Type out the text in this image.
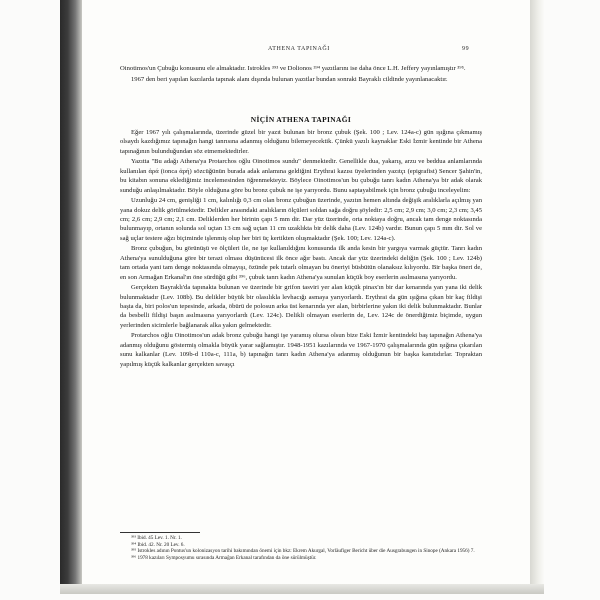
ATHENA TAPINAĞI	99

Oinotimos'un Çubuğu konusunu ele almaktadır. Istrokles ³⁹³ ve Dolionos ³⁹⁴ yazıtlarını ise daha önce L.H. Jeffery yayınlamıştır ³⁹⁵.

1967 den beri yapılan kazılarda tapınak alanı dışında bulunan yazıtlar bundan sonraki Bayraklı cildinde yayınlanacaktır.

NİÇİN ATHENA TAPINAĞI

Eğer 1967 yılı çalışmalarında, üzerinde güzel bir yazıt bulunan bir bronz çubuk (Şek. 100 ; Lev. 124a-c) gün ışığına çıkmamış olsaydı kazdığımız tapınağın hangi tanrısına adanmış olduğunu bilemeyecektik. Çünkü yazılı kaynaklar Eski İzmir kentinde bir Athena tapınağının bulunduğundan söz etmemektedirler.

Yazıtta "Bu adağı Athena'ya Protarchos oğlu Oinotimos sundu" denmektedir. Genellikle dua, yakarış, arzu ve beddua anlamlarında kullanılan ἀρά (ionca ἀρή) sözcüğünün burada adak anlamına geldiğini Erythrai kazısı üyelerinden yazıtçı (epigrafist) Sencer Şahin'in, bu kitabın sonuna eklediğimiz incelemesinden öğrenmekteyiz. Böylece Oinotimos'un bu çubuğu tanrı kadın Athena'ya bir adak olarak sunduğu anlaşılmaktadır. Böyle olduğuna göre bu bronz çubuk ne işe yarıyordu. Bunu saptayabilmek için bronz çubuğu inceleyelim:

Uzunluğu 24 cm, genişliği 1 cm, kalınlığı 0,3 cm olan bronz çubuğun üzerinde, yazıtın hemen altında değişik aralıklarla açılmış yan yana dokuz delik görülmektedir. Delikler arasındaki aralıkların ölçüleri soldan sağa doğru şöyledir: 2,5 cm; 2,9 cm; 3,0 cm; 2,3 cm; 3,45 cm; 2,6 cm; 2,9 cm; 2,1 cm. Deliklerden her birinin çapı 5 mm dir. Dar yüz üzerinde, orta noktaya doğru, ancak tam denge noktasında bulunmayıp, ortanın solunda sol uçtan 13 cm sağ uçtan 11 cm uzaklıkta bir delik daha (Lev. 124b) vardır. Bunun çapı 5 mm dir. Sol ve sağ uçlar testere ağzı biçiminde işlenmiş olup her biri üç kertikten oluşmaktadır (Şek. 100; Lev. 124a-c).

Bronz çubuğun, bu görünüşü ve ölçüleri ile, ne işe kullanıldığını konusunda ilk anda kesin bir yargıya varmak güçtür. Tanrı kadın Athena'ya sunulduğuna göre bir terazi olması düşünücesi ilk önce ağır bastı. Ancak dar yüz üzerindeki deliğin (Şek. 100 ; Lev. 124b) tam ortada yani tam denge noktasında olmayışı, özünde pek tutarlı olmayan bu öneriyi büsbütün olanaksız kılıyordu. Bir başka öneri de, en son Armağan Erkanal'ın öne sürdüğü gibi ³⁹⁶, çubuk tanrı kadın Athena'ya sunulan küçük boy eserlerin asılmasına yarıyordu.

Gerçekten Bayraklı'da tapınakta bulunan ve üzerinde bir grifon tasviri yer alan küçük pinax'ın bir dar kenarında yan yana iki delik bulunmaktadır (Lev. 108b). Bu delikler büyük bir olasılıkla levhacığı asmaya yarıyorlardı. Erythrai da gün ışığına çıkan bir kaç fildişi başta da, biri polos'un tepesinde, arkada, öbürü de polosun arka üst kenarında yer alan, birbirlerine yakın iki delik bulunmaktadır. Bunlar da besbelli fildişi başın asılmasına yarıyorlardı (Lev. 124c). Delikli olmayan eserlerin de, Lev. 124c de önerdiğimiz biçimde, uygun yerlerinden sicimlerle bağlanarak alka yakın gelmektedir.

Protarchos oğlu Oinotimos'un adak bronz çubuğu hangi işe yaramış olursa olsun bize Eski İzmir kentindeki baş tapınağın Athena'ya adanmış olduğunu göstermiş olmakla büyük yarar sağlamıştır. 1948-1951 kazılarında ve 1967-1970 çalışmalarında gün ışığına çıkarılan sunu kalkanlar (Lev. 109b-d 110a-c, 111a, b) tapınağın tanrı kadın Athena'ya adanmış olduğunun bir başka kanıtıdırlar. Topraktan yapılmış küçük kalkanlar gerçekten savaşçı

³⁹³ Ibid. 45 Lev. 1. Nr. 1.

³⁹⁴ Ibid. 42. Nr. 20 Lev. 6.

³⁹⁵ Istrokles adının Pontus'un kolonizasyon tarihi bakımından önemi için bkz: Ekrem Akurgal, Vorläufiger Bericht über die Ausgrabungen in Sinope (Ankara 1956) 7.

³⁹⁶ 1978 kazıları Symposyumu sırasında Armağan Erkanal tarafından da öne sürülmüştür.
